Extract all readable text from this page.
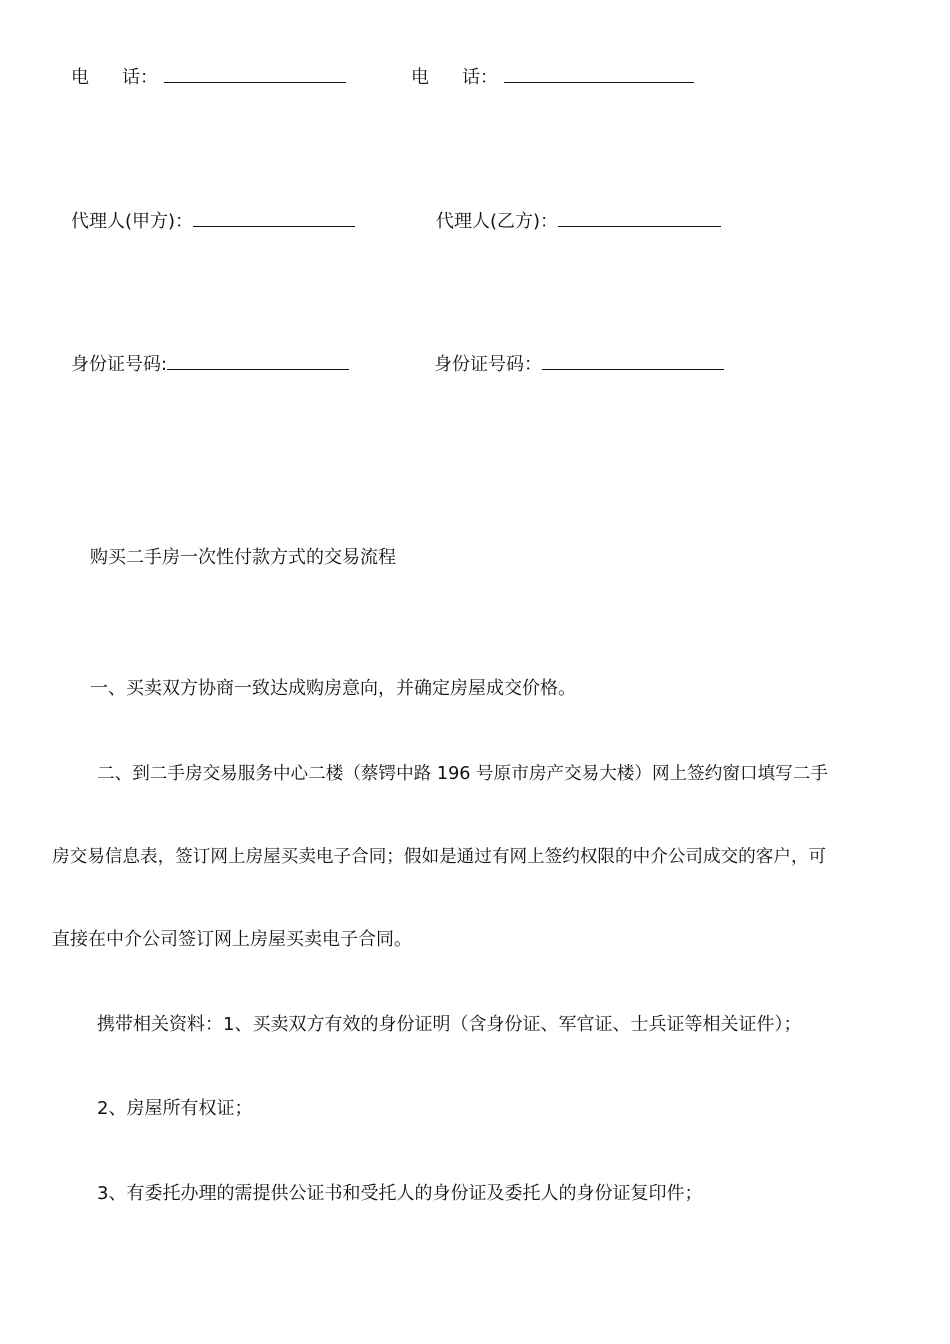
电 话：	电 话：
代理人(甲方)：	代理人(乙方)：
身份证号码:	身份证号码：
购买二手房一次性付款方式的交易流程
一、买卖双方协商一致达成购房意向，并确定房屋成交价格。
二、到二手房交易服务中心二楼（蔡锷中路 196 号原市房产交易大楼）网上签约窗口填写二手
房交易信息表，签订网上房屋买卖电子合同；假如是通过有网上签约权限的中介公司成交的客户，可
直接在中介公司签订网上房屋买卖电子合同。
携带相关资料：1、买卖双方有效的身份证明（含身份证、军官证、士兵证等相关证件）；
2、房屋所有权证；
3、有委托办理的需提供公证书和受托人的身份证及委托人的身份证复印件；
